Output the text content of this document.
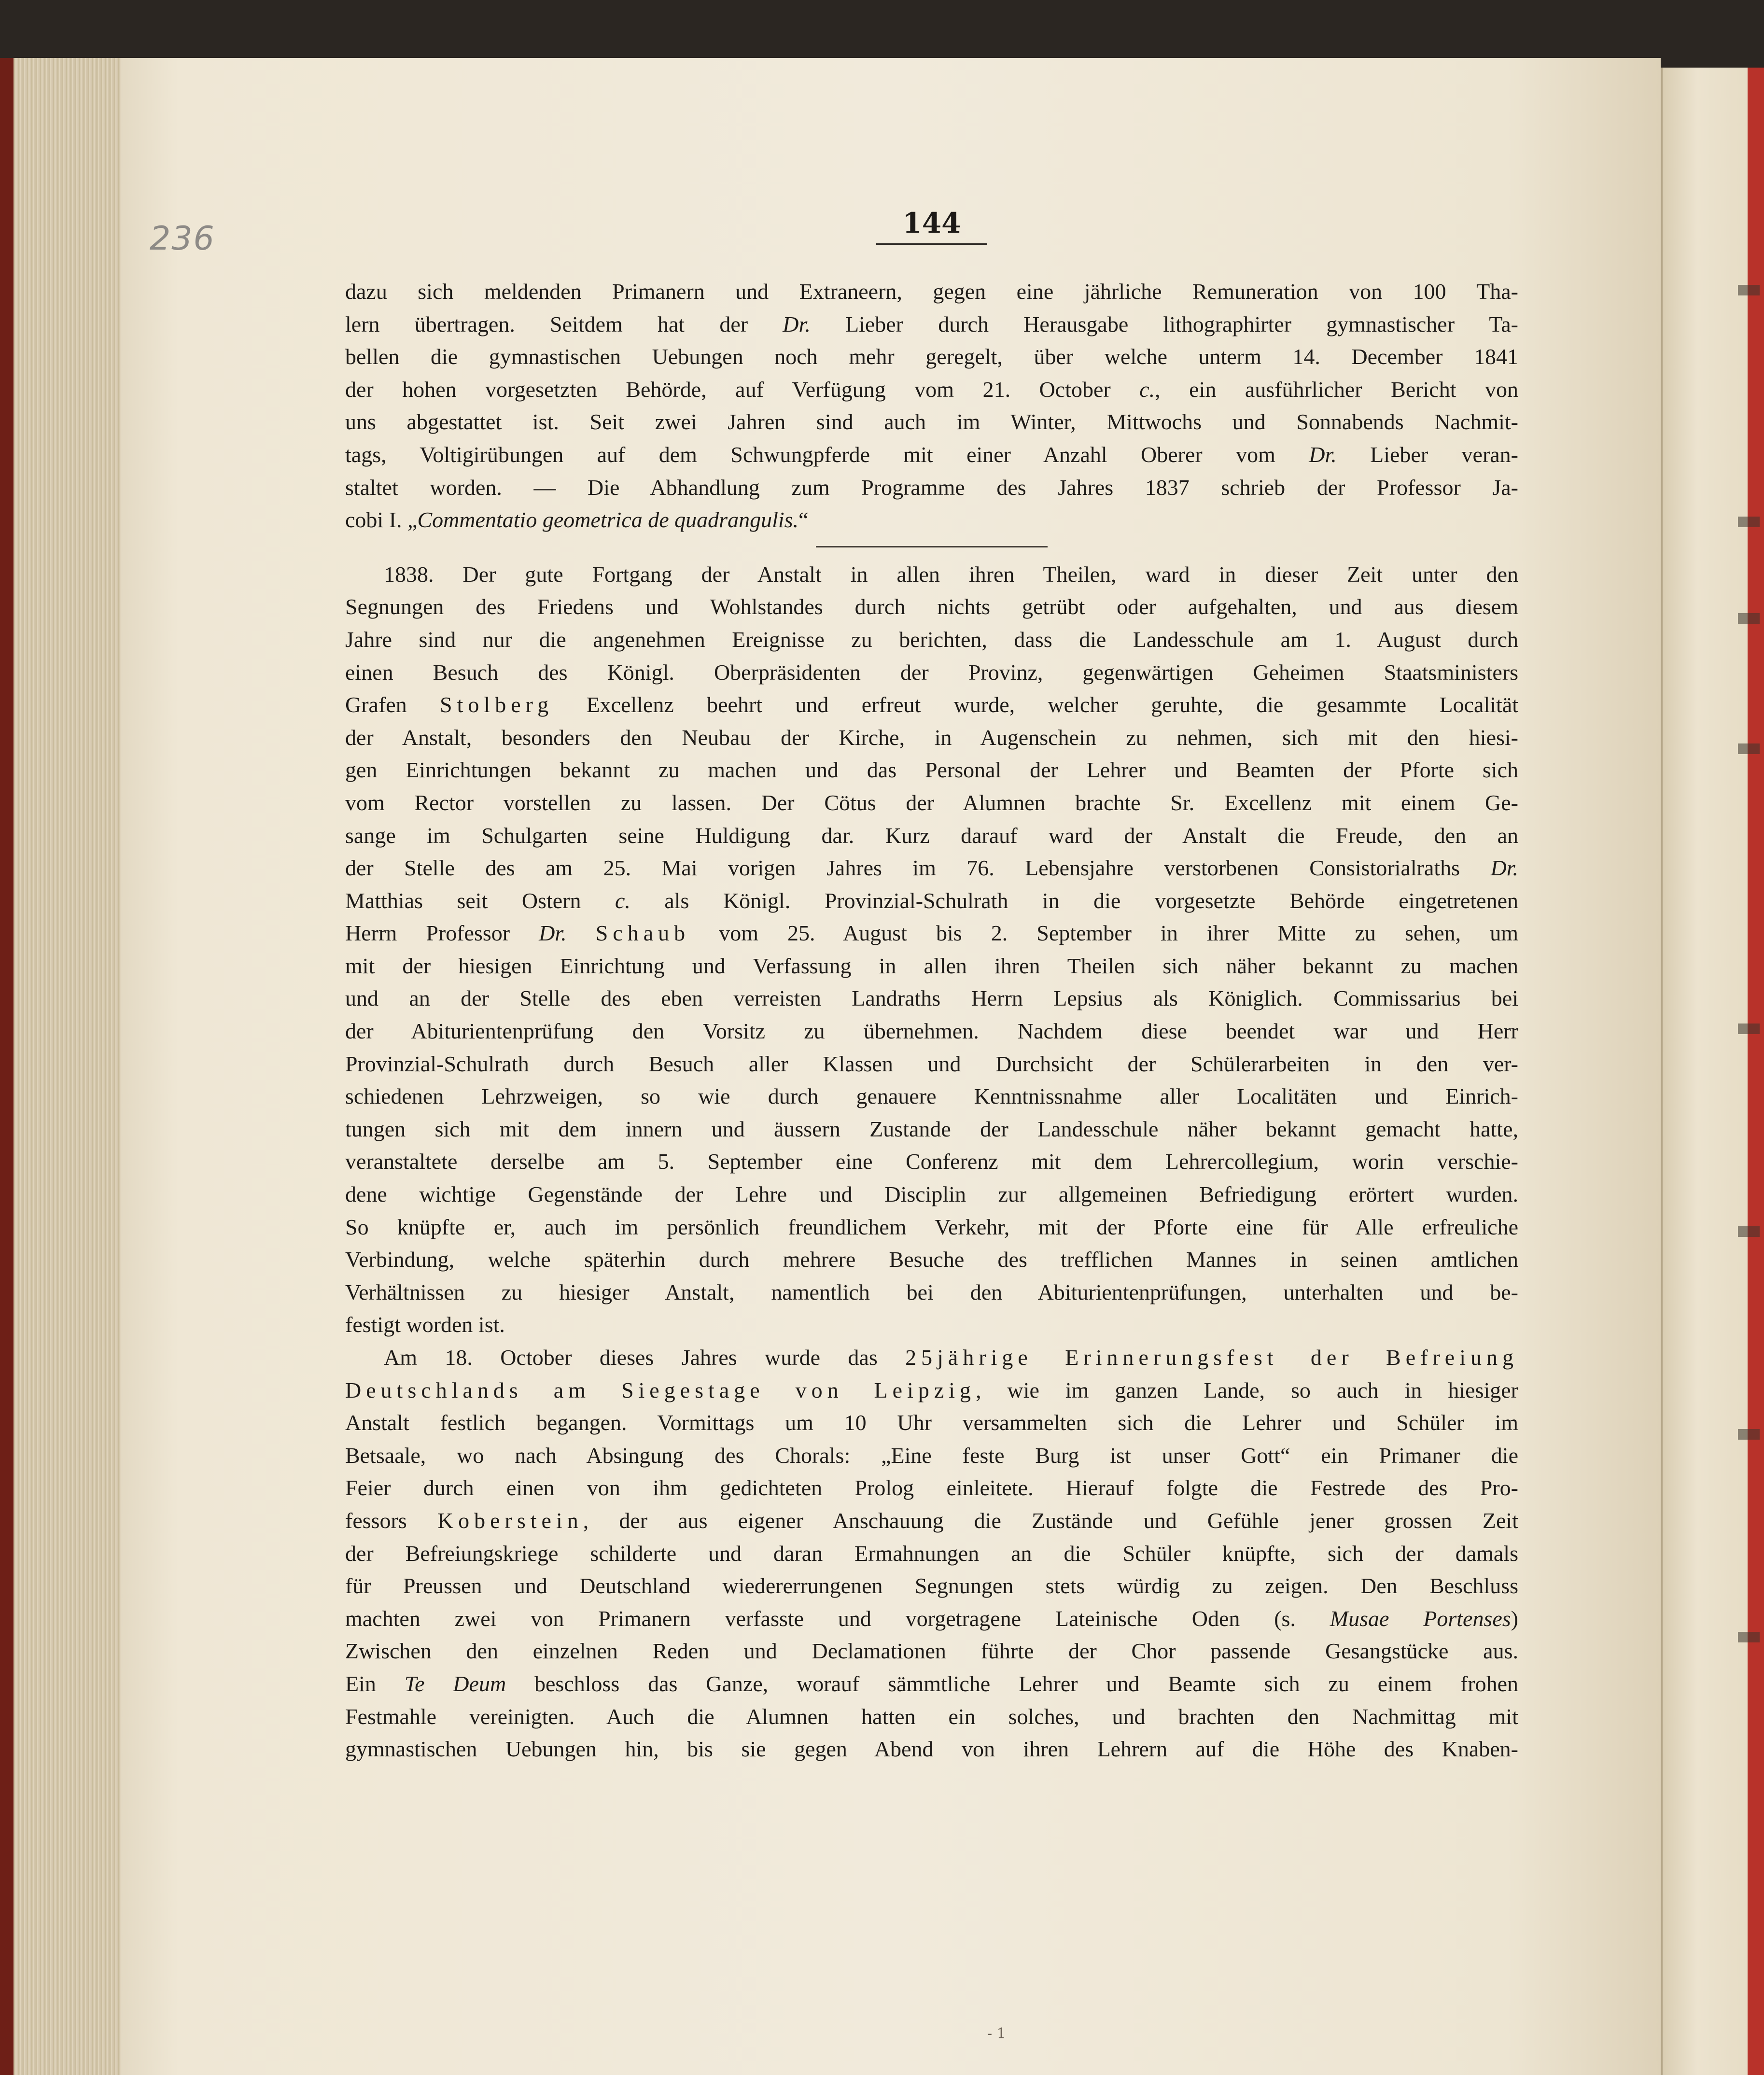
236	144

dazu sich meldenden Primanern und Extraneern, gegen eine jährliche Remuneration von 100 Tha-
lern übertragen. Seitdem hat der Dr. Lieber durch Herausgabe lithographirter gymnastischer Ta-
bellen die gymnastischen Uebungen noch mehr geregelt, über welche unterm 14. December 1841
der hohen vorgesetzten Behörde, auf Verfügung vom 21. October c., ein ausführlicher Bericht von
uns abgestattet ist. Seit zwei Jahren sind auch im Winter, Mittwochs und Sonnabends Nachmit-
tags, Voltigirübungen auf dem Schwungpferde mit einer Anzahl Oberer vom Dr. Lieber veran-
staltet worden. — Die Abhandlung zum Programme des Jahres 1837 schrieb der Professor Ja-

cobi I. „Commentatio geometrica de quadrangulis.“

1838. Der gute Fortgang der Anstalt in allen ihren Theilen, ward in dieser Zeit unter den
Segnungen des Friedens und Wohlstandes durch nichts getrübt oder aufgehalten, und aus diesem
Jahre sind nur die angenehmen Ereignisse zu berichten, dass die Landesschule am 1. August durch
einen Besuch des Königl. Oberpräsidenten der Provinz, gegenwärtigen Geheimen Staatsministers
Grafen Stolberg Excellenz beehrt und erfreut wurde, welcher geruhte, die gesammte Localität
der Anstalt, besonders den Neubau der Kirche, in Augenschein zu nehmen, sich mit den hiesi-
gen Einrichtungen bekannt zu machen und das Personal der Lehrer und Beamten der Pforte sich
vom Rector vorstellen zu lassen. Der Cötus der Alumnen brachte Sr. Excellenz mit einem Ge-
sange im Schulgarten seine Huldigung dar. Kurz darauf ward der Anstalt die Freude, den an
der Stelle des am 25. Mai vorigen Jahres im 76. Lebensjahre verstorbenen Consistorialraths Dr.
Matthias seit Ostern c. als Königl. Provinzial-Schulrath in die vorgesetzte Behörde eingetretenen
Herrn Professor Dr. Schaub vom 25. August bis 2. September in ihrer Mitte zu sehen, um
mit der hiesigen Einrichtung und Verfassung in allen ihren Theilen sich näher bekannt zu machen
und an der Stelle des eben verreisten Landraths Herrn Lepsius als Königlich. Commissarius bei
der Abiturientenprüfung den Vorsitz zu übernehmen. Nachdem diese beendet war und Herr
Provinzial-Schulrath durch Besuch aller Klassen und Durchsicht der Schülerarbeiten in den ver-
schiedenen Lehrzweigen, so wie durch genauere Kenntnissnahme aller Localitäten und Einrich-
tungen sich mit dem innern und äussern Zustande der Landesschule näher bekannt gemacht hatte,
veranstaltete derselbe am 5. September eine Conferenz mit dem Lehrercollegium, worin verschie-
dene wichtige Gegenstände der Lehre und Disciplin zur allgemeinen Befriedigung erörtert wurden.
So knüpfte er, auch im persönlich freundlichem Verkehr, mit der Pforte eine für Alle erfreuliche
Verbindung, welche späterhin durch mehrere Besuche des trefflichen Mannes in seinen amtlichen
Verhältnissen zu hiesiger Anstalt, namentlich bei den Abiturientenprüfungen, unterhalten und be-

festigt worden ist.

Am 18. October dieses Jahres wurde das 25jährige Erinnerungsfest der Befreiung
Deutschlands am Siegestage von Leipzig, wie im ganzen Lande, so auch in hiesiger
Anstalt festlich begangen. Vormittags um 10 Uhr versammelten sich die Lehrer und Schüler im
Betsaale, wo nach Absingung des Chorals: „Eine feste Burg ist unser Gott“ ein Primaner die
Feier durch einen von ihm gedichteten Prolog einleitete. Hierauf folgte die Festrede des Pro-
fessors Koberstein, der aus eigener Anschauung die Zustände und Gefühle jener grossen Zeit
der Befreiungskriege schilderte und daran Ermahnungen an die Schüler knüpfte, sich der damals
für Preussen und Deutschland wiedererrungenen Segnungen stets würdig zu zeigen. Den Beschluss
machten zwei von Primanern verfasste und vorgetragene Lateinische Oden (s. Musae Portenses)
Zwischen den einzelnen Reden und Declamationen führte der Chor passende Gesangstücke aus.
Ein Te Deum beschloss das Ganze, worauf sämmtliche Lehrer und Beamte sich zu einem frohen
Festmahle vereinigten. Auch die Alumnen hatten ein solches, und brachten den Nachmittag mit
gymnastischen Uebungen hin, bis sie gegen Abend von ihren Lehrern auf die Höhe des Knaben-

- 1
